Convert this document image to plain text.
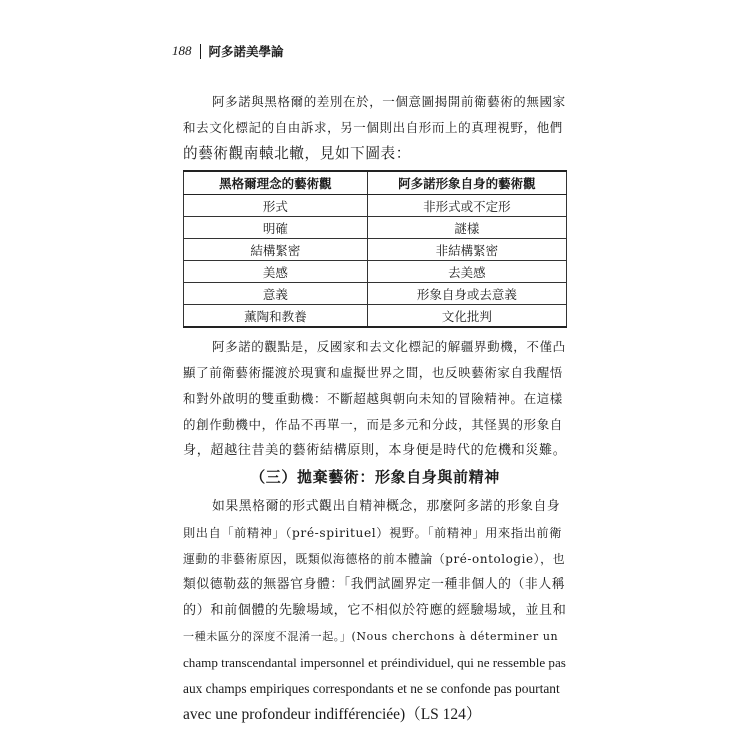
188 阿多諾美學論
阿多諾與黑格爾的差別在於，一個意圖揭開前衛藝術的無國家
和去文化標記的自由訴求，另一個則出自形而上的真理視野，他們
的藝術觀南轅北轍，見如下圖表：
黑格爾理念的藝術觀	阿多諾形象自身的藝術觀
形式	非形式或不定形
明確	謎樣
結構緊密	非結構緊密
美感	去美感
意義	形象自身或去意義
薰陶和教養	文化批判
阿多諾的觀點是，反國家和去文化標記的解疆界動機，不僅凸
顯了前衛藝術擺渡於現實和虛擬世界之間，也反映藝術家自我醒悟
和對外啟明的雙重動機：不斷超越與朝向未知的冒險精神。在這樣
的創作動機中，作品不再單一，而是多元和分歧，其怪異的形象自
身，超越往昔美的藝術結構原則，本身便是時代的危機和災難。
（三）拋棄藝術：形象自身與前精神
如果黑格爾的形式觀出自精神概念，那麼阿多諾的形象自身
則出自「前精神」（pré-spirituel）視野。「前精神」用來指出前衛
運動的非藝術原因，既類似海德格的前本體論（pré-ontologie），也
類似德勒茲的無器官身體：「我們試圖界定一種非個人的（非人稱
的）和前個體的先驗場域，它不相似於符應的經驗場域，並且和
一種未區分的深度不混淆一起。」(Nous cherchons à déterminer un
champ transcendantal impersonnel et préindividuel, qui ne ressemble pas
aux champs empiriques correspondants et ne se confonde pas pourtant
avec une profondeur indifférenciée)（LS 124）
